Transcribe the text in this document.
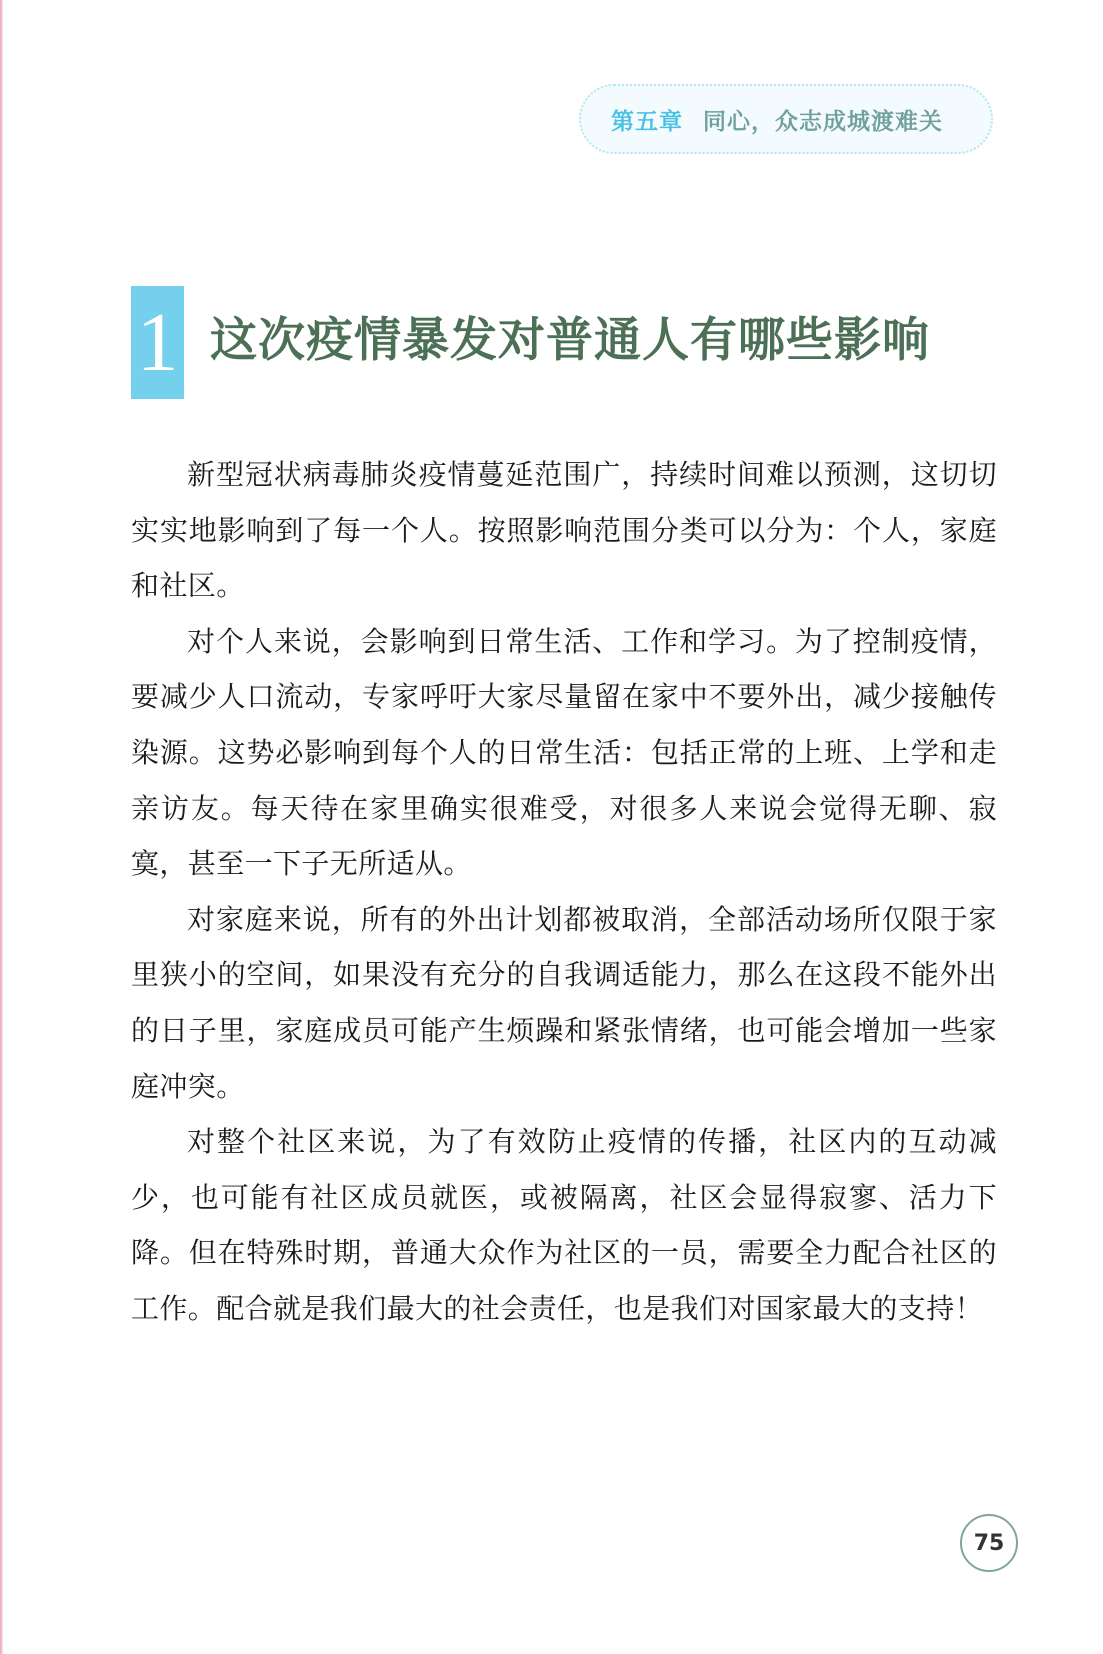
第五章 同心，众志成城渡难关
1 这次疫情暴发对普通人有哪些影响

新型冠状病毒肺炎疫情蔓延范围广，持续时间难以预测，这切切实实地影响到了每一个人。按照影响范围分类可以分为：个人，家庭和社区。

对个人来说，会影响到日常生活、工作和学习。为了控制疫情，要减少人口流动，专家呼吁大家尽量留在家中不要外出，减少接触传染源。这势必影响到每个人的日常生活：包括正常的上班、上学和走亲访友。每天待在家里确实很难受，对很多人来说会觉得无聊、寂寞，甚至一下子无所适从。

对家庭来说，所有的外出计划都被取消，全部活动场所仅限于家里狭小的空间，如果没有充分的自我调适能力，那么在这段不能外出的日子里，家庭成员可能产生烦躁和紧张情绪，也可能会增加一些家庭冲突。

对整个社区来说，为了有效防止疫情的传播，社区内的互动减少，也可能有社区成员就医，或被隔离，社区会显得寂寥、活力下降。但在特殊时期，普通大众作为社区的一员，需要全力配合社区的工作。配合就是我们最大的社会责任，也是我们对国家最大的支持！

75
